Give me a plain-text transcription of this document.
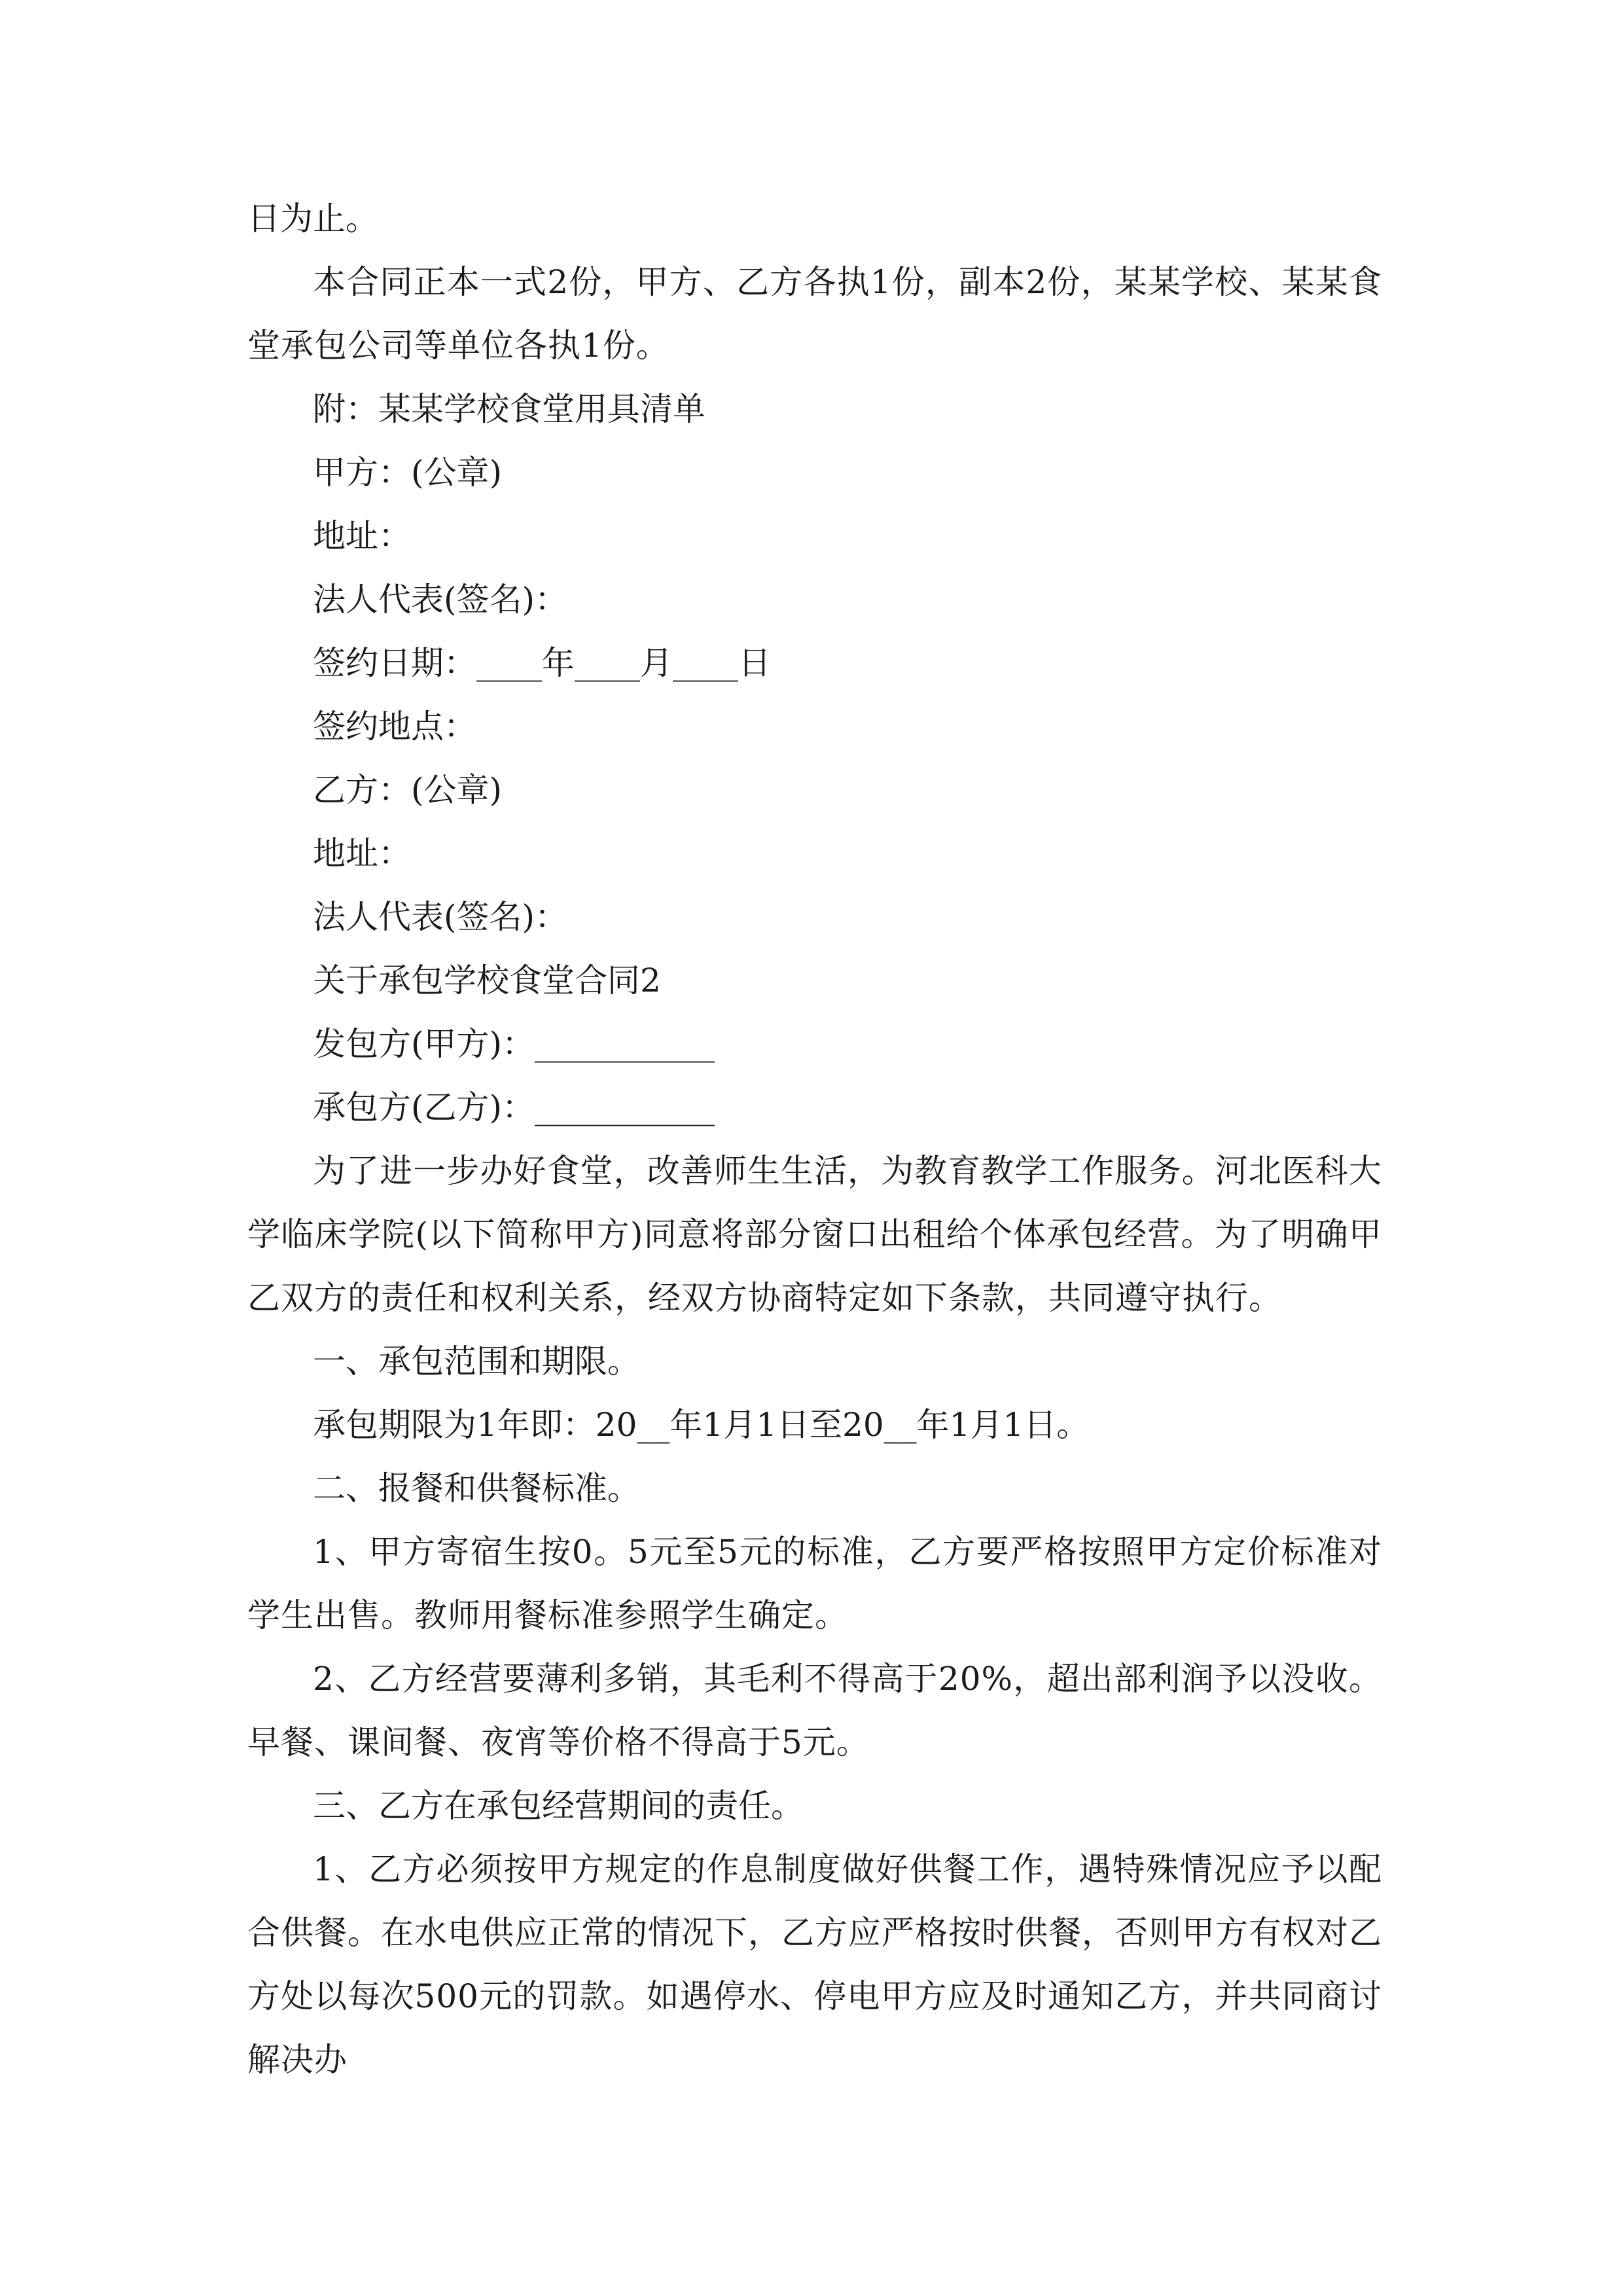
日为止。

本合同正本一式2份，甲方、乙方各执1份，副本2份，某某学校、某某食堂承包公司等单位各执1份。

附：某某学校食堂用具清单

甲方：(公章)

地址：

法人代表(签名)：

签约日期：____年____月____日

签约地点：

乙方：(公章)

地址：

法人代表(签名)：

关于承包学校食堂合同2

发包方(甲方)：___________

承包方(乙方)：___________

为了进一步办好食堂，改善师生生活，为教育教学工作服务。河北医科大学临床学院(以下简称甲方)同意将部分窗口出租给个体承包经营。为了明确甲乙双方的责任和权利关系，经双方协商特定如下条款，共同遵守执行。

一、承包范围和期限。

承包期限为1年即：20__年1月1日至20__年1月1日。

二、报餐和供餐标准。

1、甲方寄宿生按0。5元至5元的标准，乙方要严格按照甲方定价标准对学生出售。教师用餐标准参照学生确定。

2、乙方经营要薄利多销，其毛利不得高于20%，超出部利润予以没收。早餐、课间餐、夜宵等价格不得高于5元。

三、乙方在承包经营期间的责任。

1、乙方必须按甲方规定的作息制度做好供餐工作，遇特殊情况应予以配合供餐。在水电供应正常的情况下，乙方应严格按时供餐，否则甲方有权对乙方处以每次500元的罚款。如遇停水、停电甲方应及时通知乙方，并共同商讨解决办
